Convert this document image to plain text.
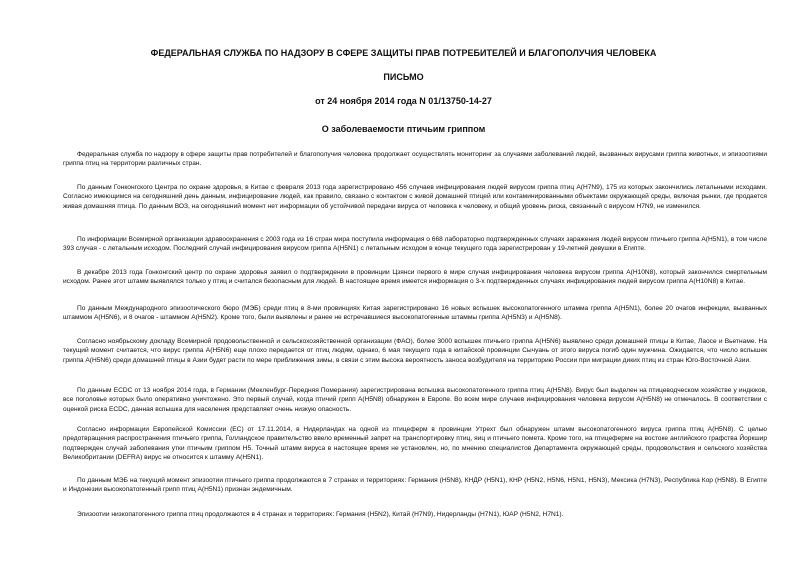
ФЕДЕРАЛЬНАЯ СЛУЖБА ПО НАДЗОРУ В СФЕРЕ ЗАЩИТЫ ПРАВ ПОТРЕБИТЕЛЕЙ И БЛАГОПОЛУЧИЯ ЧЕЛОВЕКА
ПИСЬМО
от 24 ноября 2014 года N 01/13750-14-27
О заболеваемости птичьим гриппом
Федеральная служба по надзору в сфере защиты прав потребителей и благополучия человека продолжает осуществлять мониторинг за случаями заболеваний людей, вызванных вирусами гриппа животных, и эпизоотиями гриппа птиц на территории различных стран.
По данным Гонконгского Центра по охране здоровья, в Китае с февраля 2013 года зарегистрировано 456 случаев инфицирования людей вирусом гриппа птиц А(Н7N9), 175 из которых закончились летальными исходами. Согласно имеющимся на сегодняшний день данным, инфицирование людей, как правило, связано с контактом с живой домашней птицей или контаминированными объектами окружающей среды, включая рынки, где продается живая домашняя птица. По данным ВОЗ, на сегодняшний момент нет информации об устойчивой передачи вируса от человека к человеку, и общий уровень риска, связанный с вирусом Н7N9, не изменился.
По информации Всемирной организации здравоохранения с 2003 года из 16 стран мира поступила информация о 668 лабораторно подтвержденных случаях заражения людей вирусом птичьего гриппа А(Н5N1), в том числе 393 случая - с летальным исходом. Последний случай инфицирования вирусом гриппа А(Н5N1) с летальным исходом в конце текущего года зарегистрирован у 19-летней девушки в Египте.
В декабре 2013 года Гонконгский центр по охране здоровья заявил о подтверждении в провинции Цзянси первого в мире случая инфицирования человека вирусом гриппа А(Н10N8), который закончился смертельным исходом. Ранее этот штамм выявлялся только у птиц и считался безопасным для людей. В настоящее время имеется информация о 3-х подтвержденных случаях инфицирования людей вирусом гриппа А(Н10N8) в Китае.
По данным Международного эпизоотического бюро (МЭБ) среди птиц в 8-ми провинциях Китая зарегистрировано 16 новых вспышек высокопатогенного штамма гриппа А(Н5N1), более 20 очагов инфекции, вызванных штаммом А(Н5N6), и 8 очагов - штаммом А(Н5N2). Кроме того, были выявлены и ранее не встречавшиеся высокопатогенные штаммы гриппа А(Н5N3) и А(Н5N8).
Согласно ноябрьскому докладу Всемирной продовольственной и сельскохозяйственной организации (ФАО), более 3000 вспышек птичьего гриппа А(Н5N6) выявлено среди домашней птицы в Китае, Лаосе и Вьетнаме. На текущий момент считается, что вирус гриппа А(Н5N6) еще плохо передается от птиц людям, однако, 6 мая текущего года в китайской провинции Сычуань от этого вируса погиб один мужчина. Ожидается, что число вспышек гриппа А(Н5N6) среди домашней птицы в Азии будет расти по мере приближения зимы, в связи с этим высока вероятность заноса возбудителя на территорию России при миграции диких птиц из стран Юго-Восточной Азии.
По данным ECDC от 13 ноября 2014 года, в Германии (Мекленбург-Передняя Померания) зарегистрирована вспышка высокопатогенного гриппа птиц А(Н5N8). Вирус был выделен на птицеводческом хозяйстве у индюков, все поголовье которых было оперативно уничтожено. Это первый случай, когда птичий грипп А(Н5N8) обнаружен в Европе. Во всем мире случаев инфицирования человека вирусом А(Н5N8) не отмечалось. В соответствии с оценкой риска ECDC, данная вспышка для населения представляет очень низкую опасность.
Согласно информации Европейской Комиссии (ЕС) от 17.11.2014, в Нидерландах на одной из птицеферм в провинции Утрехт был обнаружен штамм высокопатогенного вируса гриппа птиц А(Н5N8). С целью предотвращения распространения птичьего гриппа, Голландское правительство ввело временный запрет на транспортировку птиц, яиц и птичьего помета. Кроме того, на птицеферме на востоке английского графства Йоркшир подтвержден случай заболевания утки птичьим гриппом Н5. Точный штамм вируса в настоящее время не установлен, но, по мнению специалистов Департамента окружающей среды, продовольствия и сельского хозяйства Великобритании (DEFRA) вирус не относится к штамму А(Н5N1).
По данным МЭБ на текущий момент эпизоотии птичьего гриппа продолжаются в 7 странах и территориях: Германия (Н5N8), КНДР (Н5N1), КНР (Н5N2, Н5N6, Н5N1, Н5N3), Мексика (Н7N3), Республика Кор (Н5N8). В Египте и Индонезии высокопатогенный грипп птиц А(Н5N1) признан эндемичным.
Эпизоотии низкопатогенного гриппа птиц продолжаются в 4 странах и территориях: Германия (Н5N2), Китай (Н7N9), Нидерланды (Н7N1), ЮАР (Н5N2, Н7N1).
